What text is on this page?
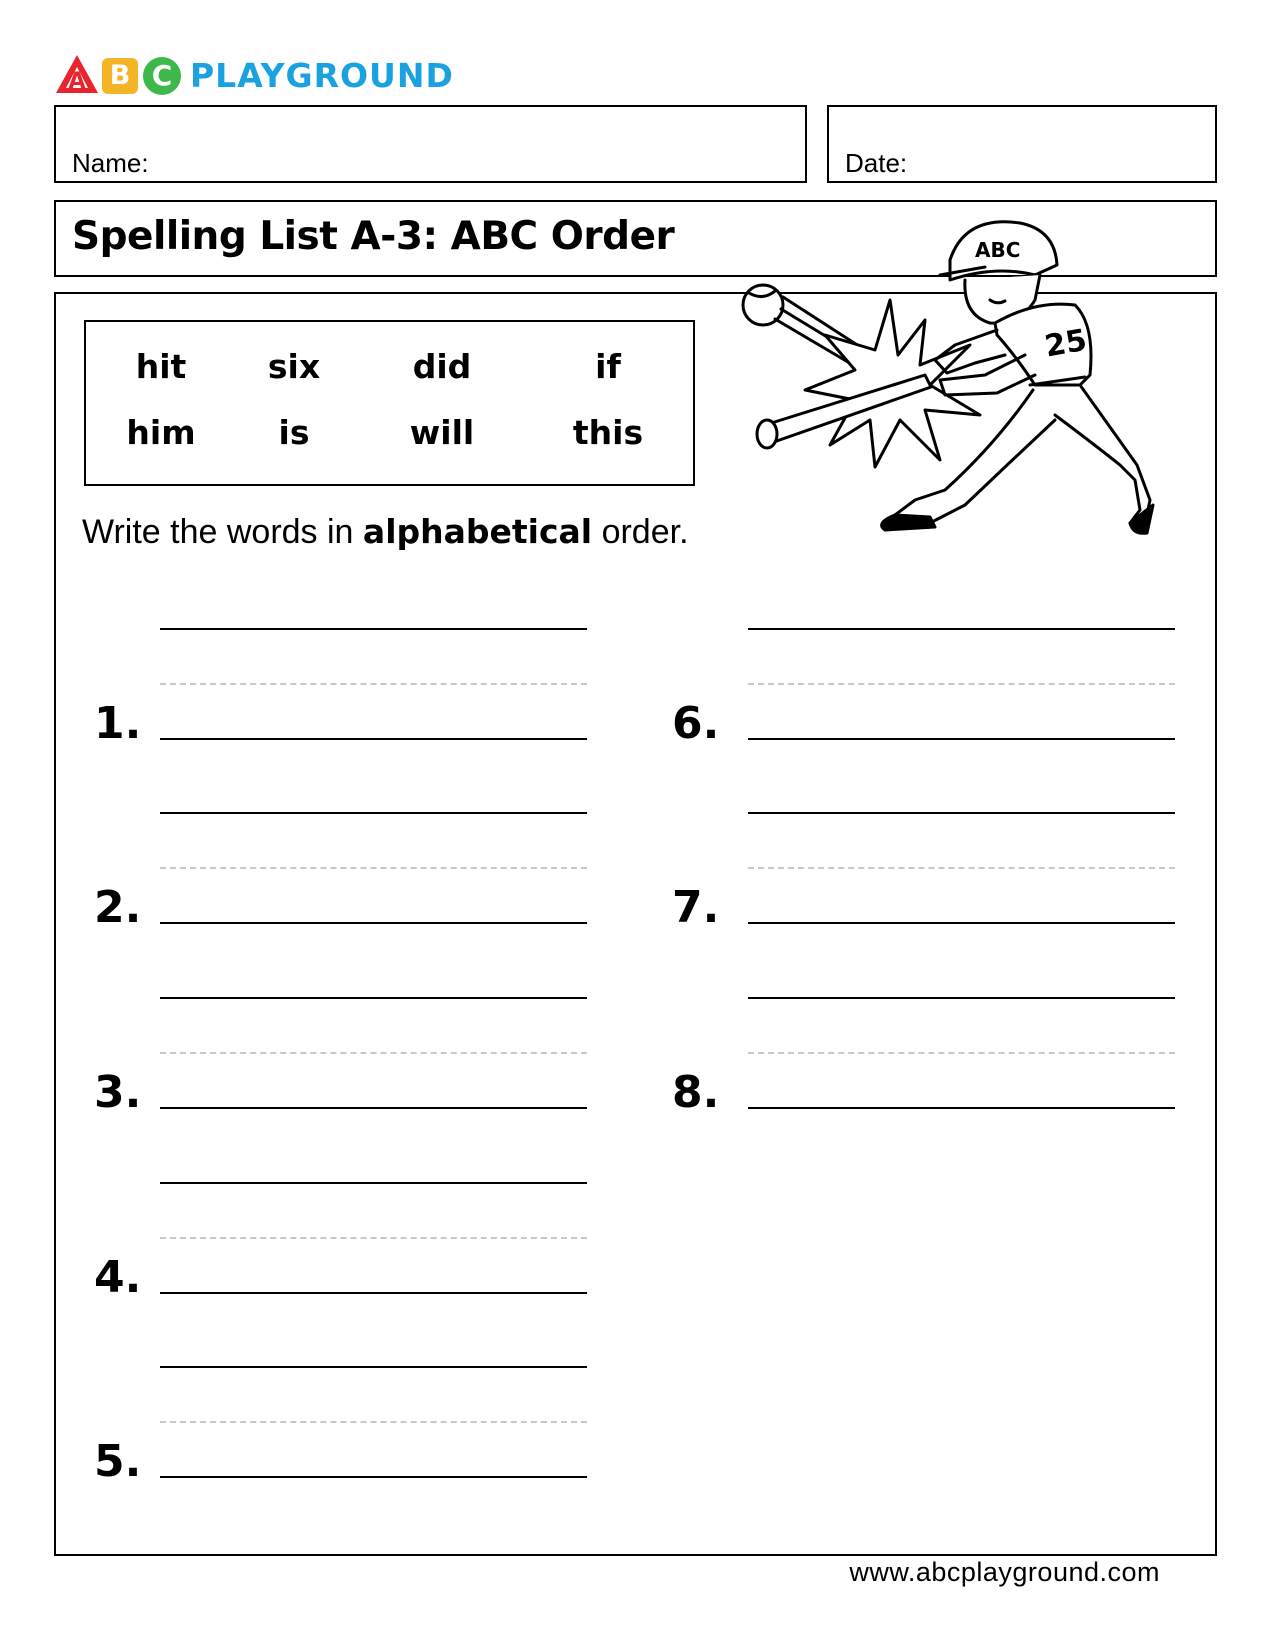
A B C PLAYGROUND
Name:	Date:
Spelling List A-3: ABC Order
hit	six	did	if
him	is	will	this
ABC
25
Write the words in alphabetical order.
1.
2.
3.
4.
5.
6.
7.
8.
www.abcplayground.com
